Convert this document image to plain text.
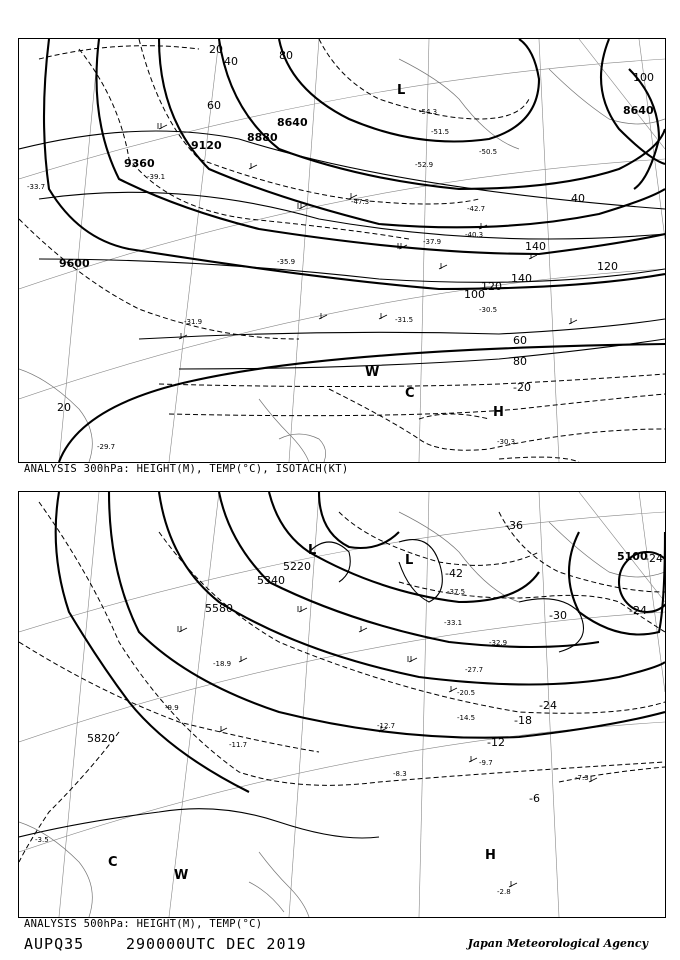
9600
9360
9120
8880
8640
8640
20
40
60
80
100
120
140
40
60
80
100
120
140
-20
20
L
H
W
C
-51.5
-54.3
-52.9
-50.5
-47.3
-42.7
-40.3
-37.9
-35.9
-31.9	-31.5
-30.5
-30.3
-29.7
-39.1
-33.7
ANALYSIS 300hPa: HEIGHT(M), TEMP(°C), ISOTACH(KT)
5820
5580
5340
5220
5100
-42
-36
-30
-24
-18
-12
-6
-24
-24
L
L
H
C
W
-37.5
-33.1
-32.9
-27.7
-20.5
-14.5
-12.7
-9.7
-8.3	-7.3
-2.8
-3.5
-9.9
-11.7
-18.9
ANALYSIS 500hPa: HEIGHT(M), TEMP(°C)
AUPQ35	290000UTC DEC 2019	Japan Meteorological Agency
